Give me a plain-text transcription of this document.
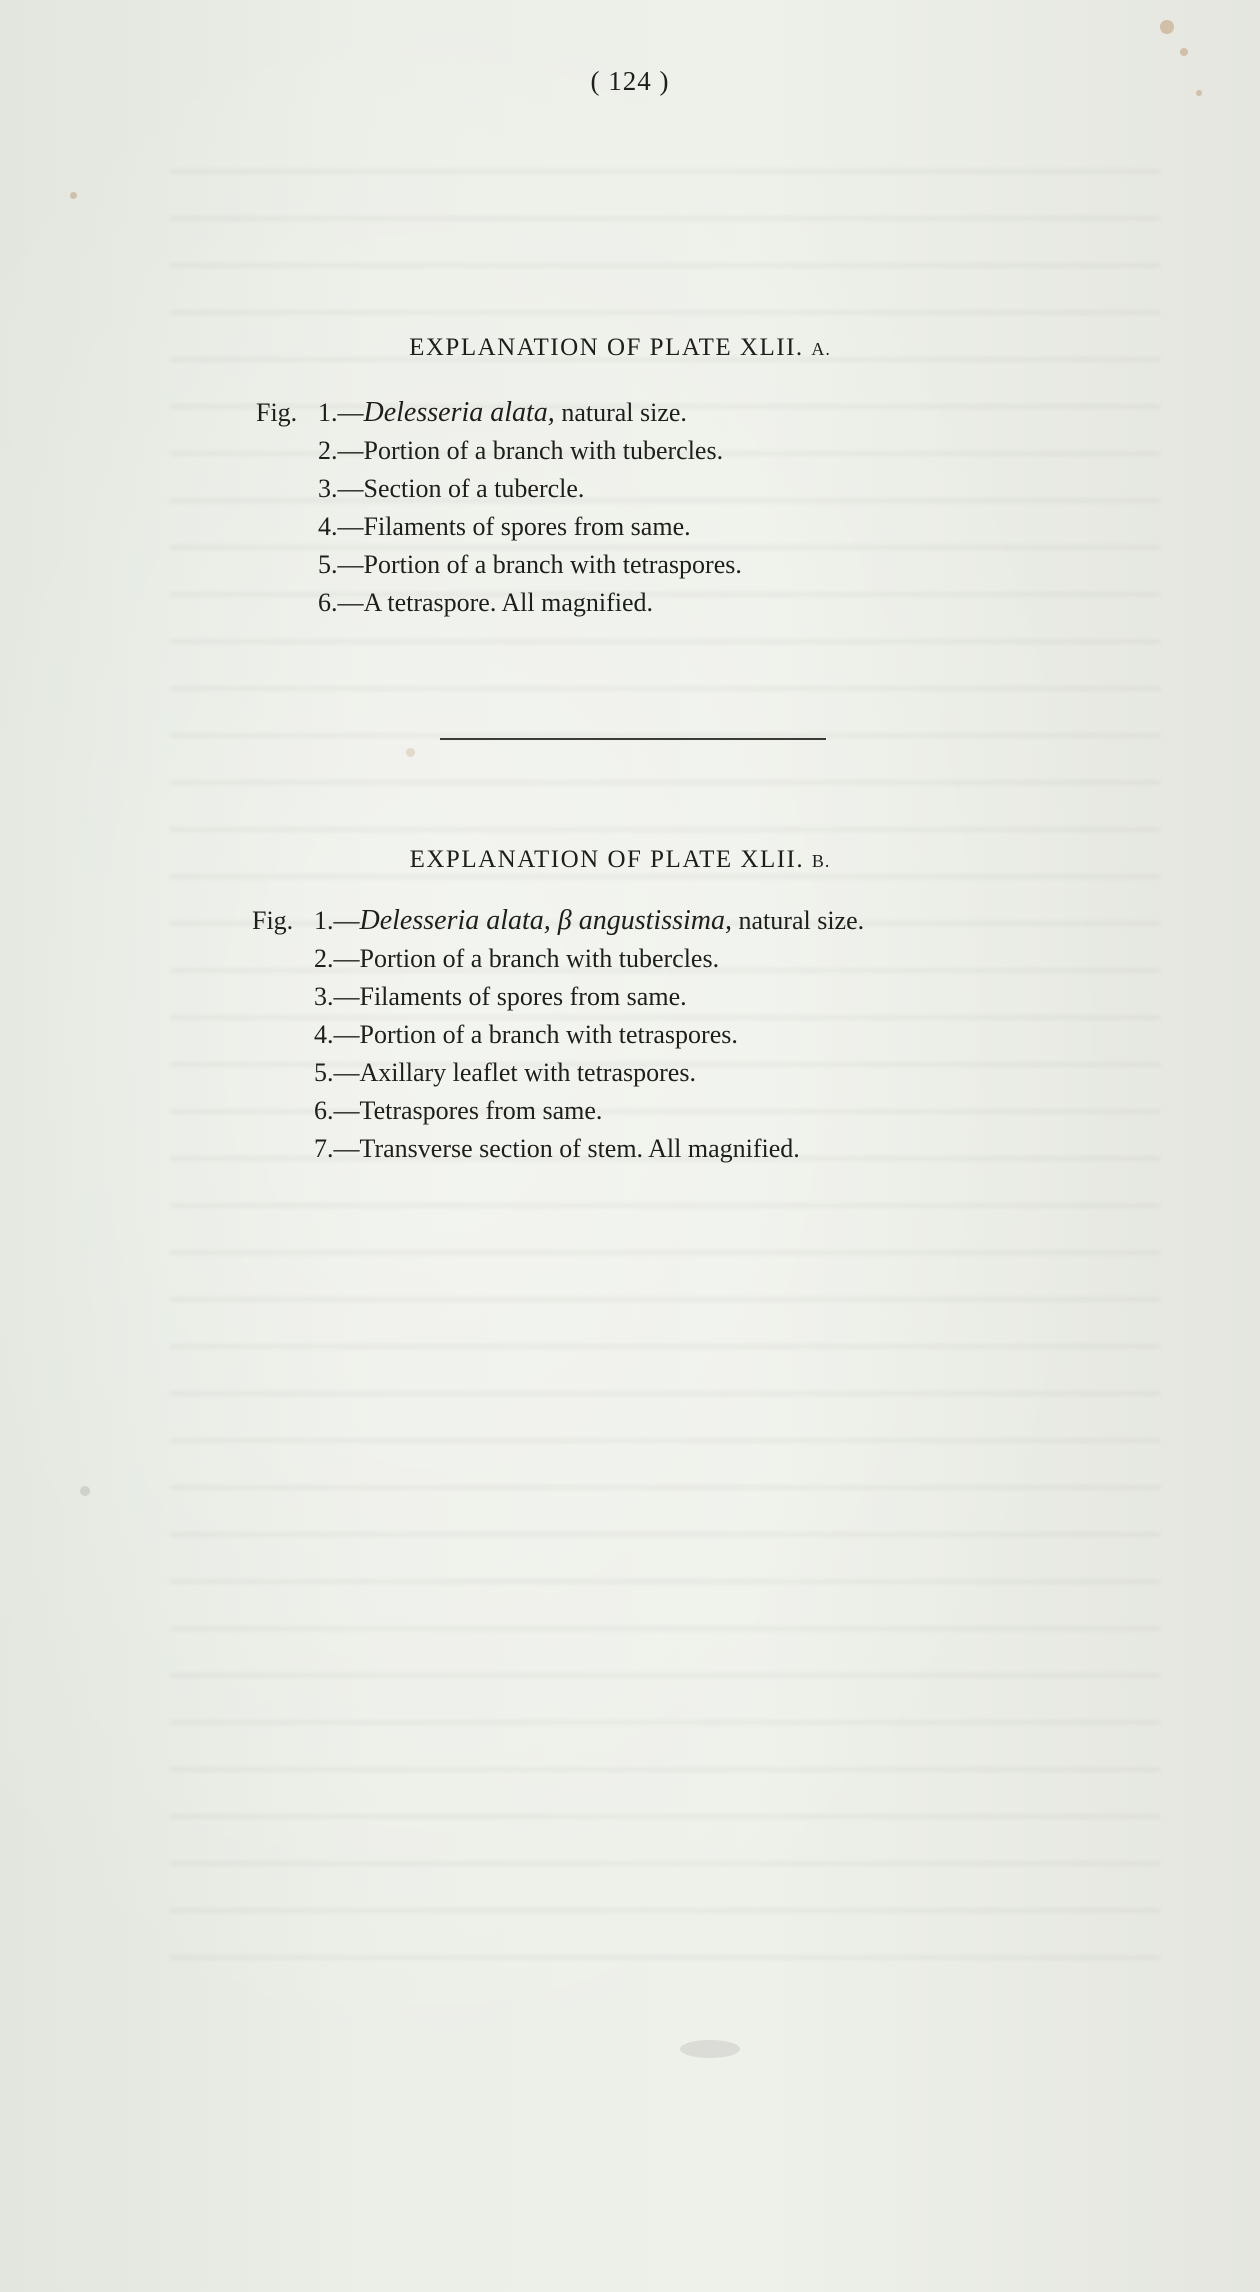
( 124 )
EXPLANATION OF PLATE XLII. A.
Fig. 1.—Delesseria alata, natural size.
2.—Portion of a branch with tubercles.
3.—Section of a tubercle.
4.—Filaments of spores from same.
5.—Portion of a branch with tetraspores.
6.—A tetraspore. All magnified.
EXPLANATION OF PLATE XLII. B.
Fig. 1.—Delesseria alata, β angustissima, natural size.
2.—Portion of a branch with tubercles.
3.—Filaments of spores from same.
4.—Portion of a branch with tetraspores.
5.—Axillary leaflet with tetraspores.
6.—Tetraspores from same.
7.—Transverse section of stem. All magnified.
